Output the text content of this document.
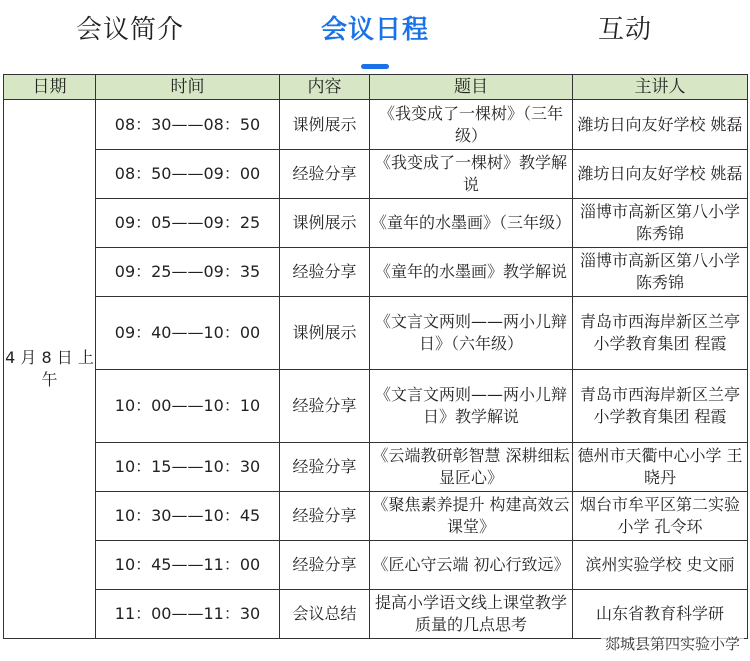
会议简介	会议日程	互动
日期	时间	内容	题目	主讲人
4 月 8 日 上午	08：30——08：50	课例展示	《我变成了一棵树》（三年级）	潍坊日向友好学校 姚磊
	08：50——09：00	经验分享	《我变成了一棵树》教学解说	潍坊日向友好学校 姚磊
	09：05——09：25	课例展示	《童年的水墨画》（三年级）	淄博市高新区第八小学 陈秀锦
	09：25——09：35	经验分享	《童年的水墨画》教学解说	淄博市高新区第八小学 陈秀锦
	09：40——10：00	课例展示	《文言文两则——两小儿辩日》（六年级）	青岛市西海岸新区兰亭小学教育集团 程霞
	10：00——10：10	经验分享	《文言文两则——两小儿辩日》教学解说	青岛市西海岸新区兰亭小学教育集团 程霞
	10：15——10：30	经验分享	《云端教研彰智慧 深耕细耘显匠心》	德州市天衢中心小学 王晓丹
	10：30——10：45	经验分享	《聚焦素养提升 构建高效云课堂》	烟台市牟平区第二实验小学 孔令环
	10：45——11：00	经验分享	《匠心守云端 初心行致远》	滨州实验学校 史文丽
	11：00——11：30	会议总结	提高小学语文线上课堂教学质量的几点思考	山东省教育科学研
郯城县第四实验小学
